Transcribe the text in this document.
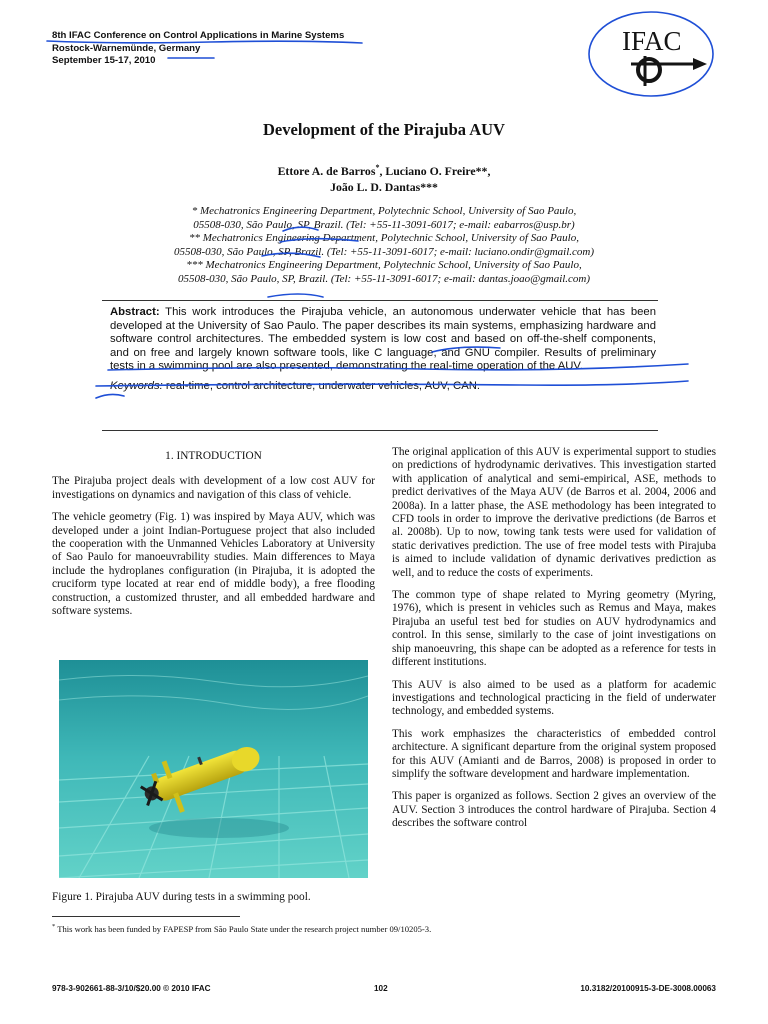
8th IFAC Conference on Control Applications in Marine Systems
Rostock-Warnemünde, Germany
September 15-17, 2010
IFAC
Development of the Pirajuba AUV
Ettore A. de Barros*, Luciano O. Freire**,
João L. D. Dantas***
* Mechatronics Engineering Department, Polytechnic School, University of Sao Paulo,
05508-030, São Paulo, SP, Brazil. (Tel: +55-11-3091-6017; e-mail: eabarros@usp.br)
** Mechatronics Engineering Department, Polytechnic School, University of Sao Paulo,
05508-030, São Paulo, SP, Brazil. (Tel: +55-11-3091-6017; e-mail: luciano.ondir@gmail.com)
*** Mechatronics Engineering Department, Polytechnic School, University of Sao Paulo,
05508-030, São Paulo, SP, Brazil. (Tel: +55-11-3091-6017; e-mail: dantas.joao@gmail.com)
Abstract: This work introduces the Pirajuba vehicle, an autonomous underwater vehicle that has been developed at the University of Sao Paulo. The paper describes its main systems, emphasizing hardware and software control architectures. The embedded system is low cost and based on off-the-shelf components, and on free and largely known software tools, like C language, and GNU compiler. Results of preliminary tests in a swimming pool are also presented, demonstrating the real-time operation of the AUV.
Keywords: real-time, control architecture, underwater vehicles, AUV, CAN.
1. INTRODUCTION

The Pirajuba project deals with development of a low cost AUV for investigations on dynamics and navigation of this class of vehicle.

The vehicle geometry (Fig. 1) was inspired by Maya AUV, which was developed under a joint Indian-Portuguese project that also included the cooperation with the Unmanned Vehicles Laboratory at University of Sao Paulo for manoeuvrability studies. Main differences to Maya include the hydroplanes configuration (in Pirajuba, it is adopted the cruciform type located at rear end of middle body), a free flooding construction, a customized thruster, and all embedded hardware and software systems.

Figure 1. Pirajuba AUV during tests in a swimming pool.

The original application of this AUV is experimental support to studies on predictions of hydrodynamic derivatives. This investigation started with application of analytical and semi-empirical, ASE, methods to predict derivatives of the Maya AUV (de Barros et al. 2004, 2006 and 2008a). In a latter phase, the ASE methodology has been integrated to CFD tools in order to improve the derivative predictions (de Barros et al. 2008b). Up to now, towing tank tests were used for validation of static derivatives prediction. The use of free model tests with Pirajuba is aimed to include validation of dynamic derivatives prediction as well, and to reduce the costs of experiments.

The common type of shape related to Myring geometry (Myring, 1976), which is present in vehicles such as Remus and Maya, makes Pirajuba an useful test bed for studies on AUV hydrodynamics and control. In this sense, similarly to the case of joint investigations on ship manoeuvring, this shape can be adopted as a reference for tests in different institutions.

This AUV is also aimed to be used as a platform for academic investigations and technological practicing in the field of underwater technology, and embedded systems.

This work emphasizes the characteristics of embedded control architecture. A significant departure from the original system proposed for this AUV (Amianti and de Barros, 2008) is proposed in order to simplify the software development and hardware implementation.

This paper is organized as follows. Section 2 gives an overview of the AUV. Section 3 introduces the control hardware of Pirajuba. Section 4 describes the software control

* This work has been funded by FAPESP from São Paulo State under the research project number 09/10205-3.
978-3-902661-88-3/10/$20.00 © 2010 IFAC	102	10.3182/20100915-3-DE-3008.00063
